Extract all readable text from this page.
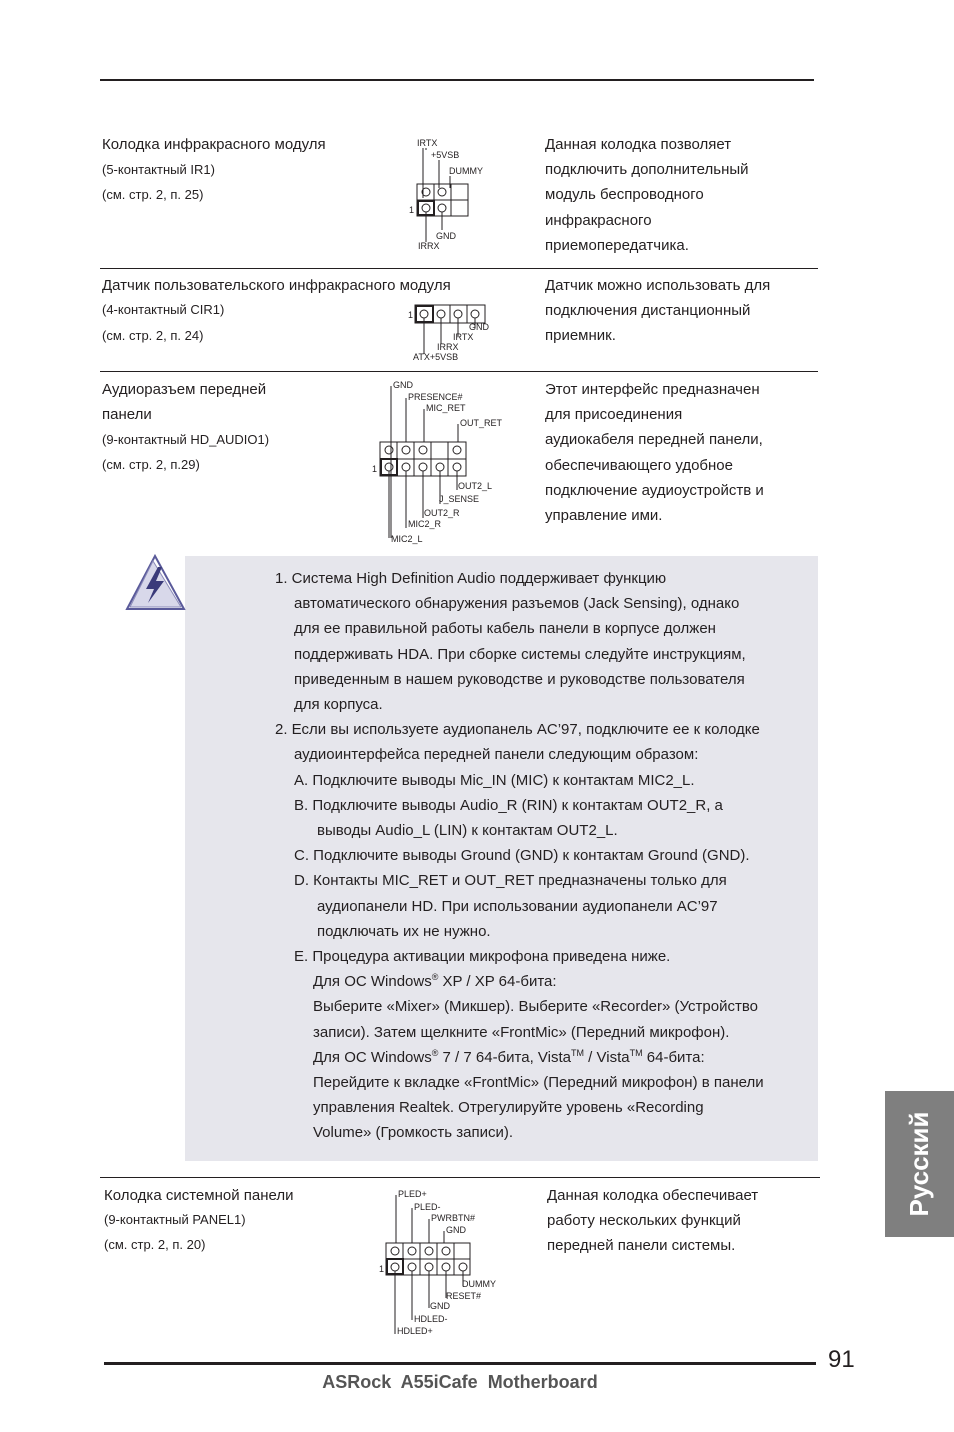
Колодка инфракрасного модуля
(5-контактный IR1)
(см. стр. 2, п. 25)
IRTX
+5VSB
DUMMY
1
GND
IRRX
Данная колодка позволяет
подключить дополнительный
модуль беспроводного
инфракрасного
приемопередатчика.
Датчик пользовательского инфракрасного модуля
(4-контактный CIR1)
(см. стр. 2, п. 24)
1
GND
IRTX
IRRX
ATX+5VSB
Датчик можно использовать для
подключения дистанционный
приемник.
Аудиоразъем передней
панели
(9-контактный HD_AUDIO1)
(см. стр. 2, п.29)
GND
PRESENCE#
MIC_RET
OUT_RET
1
OUT2_L
J_SENSE
OUT2_R
MIC2_R
MIC2_L
Этот интерфейс предназначен
для присоединения
аудиокабеля передней панели,
обеспечивающего удобное
подключение аудиоустройств и
управление ими.
1. Система High Definition Audio поддерживает функцию
автоматического обнаружения разъемов (Jack Sensing), однако
для ее правильной работы кабель панели в корпусе должен
поддерживать HDA. При сборке системы следуйте инструкциям,
приведенным в нашем руководстве и руководстве пользователя
для корпуса.
2. Если вы используете аудиопанель AC’97, подключите ее к колодке
аудиоинтерфейса передней панели следующим образом:
A. Подключите выводы Mic_IN (MIC) к контактам MIC2_L.
B. Подключите выводы Audio_R (RIN) к контактам OUT2_R, а
выводы Audio_L (LIN) к контактам OUT2_L.
C. Подключите выводы Ground (GND) к контактам Ground (GND).
D. Контакты MIC_RET и OUT_RET предназначены только для
аудиопанели HD. При использовании аудиопанели AC’97
подключать их не нужно.
E. Процедура активации микрофона приведена ниже.
Для ОС Windows® XP / XP 64-бита:
Выберите «Mixer» (Микшер). Выберите «Recorder» (Устройство
записи). Затем щелкните «FrontMic» (Передний микрофон).
Для ОС Windows® 7 / 7 64-бита, Vista™ / Vista™ 64-бита:
Перейдите к вкладке «FrontMic» (Передний микрофон) в панели
управления Realtek. Отрегулируйте уровень «Recording
Volume» (Громкость записи).
Колодка системной панели
(9-контактный PANEL1)
(см. стр. 2, п. 20)
PLED+
PLED-
PWRBTN#
GND
1
DUMMY
RESET#
GND
HDLED-
HDLED+
Данная колодка обеспечивает
работу нескольких функций
передней панели системы.
Русский
91
ASRock  A55iCafe  Motherboard
